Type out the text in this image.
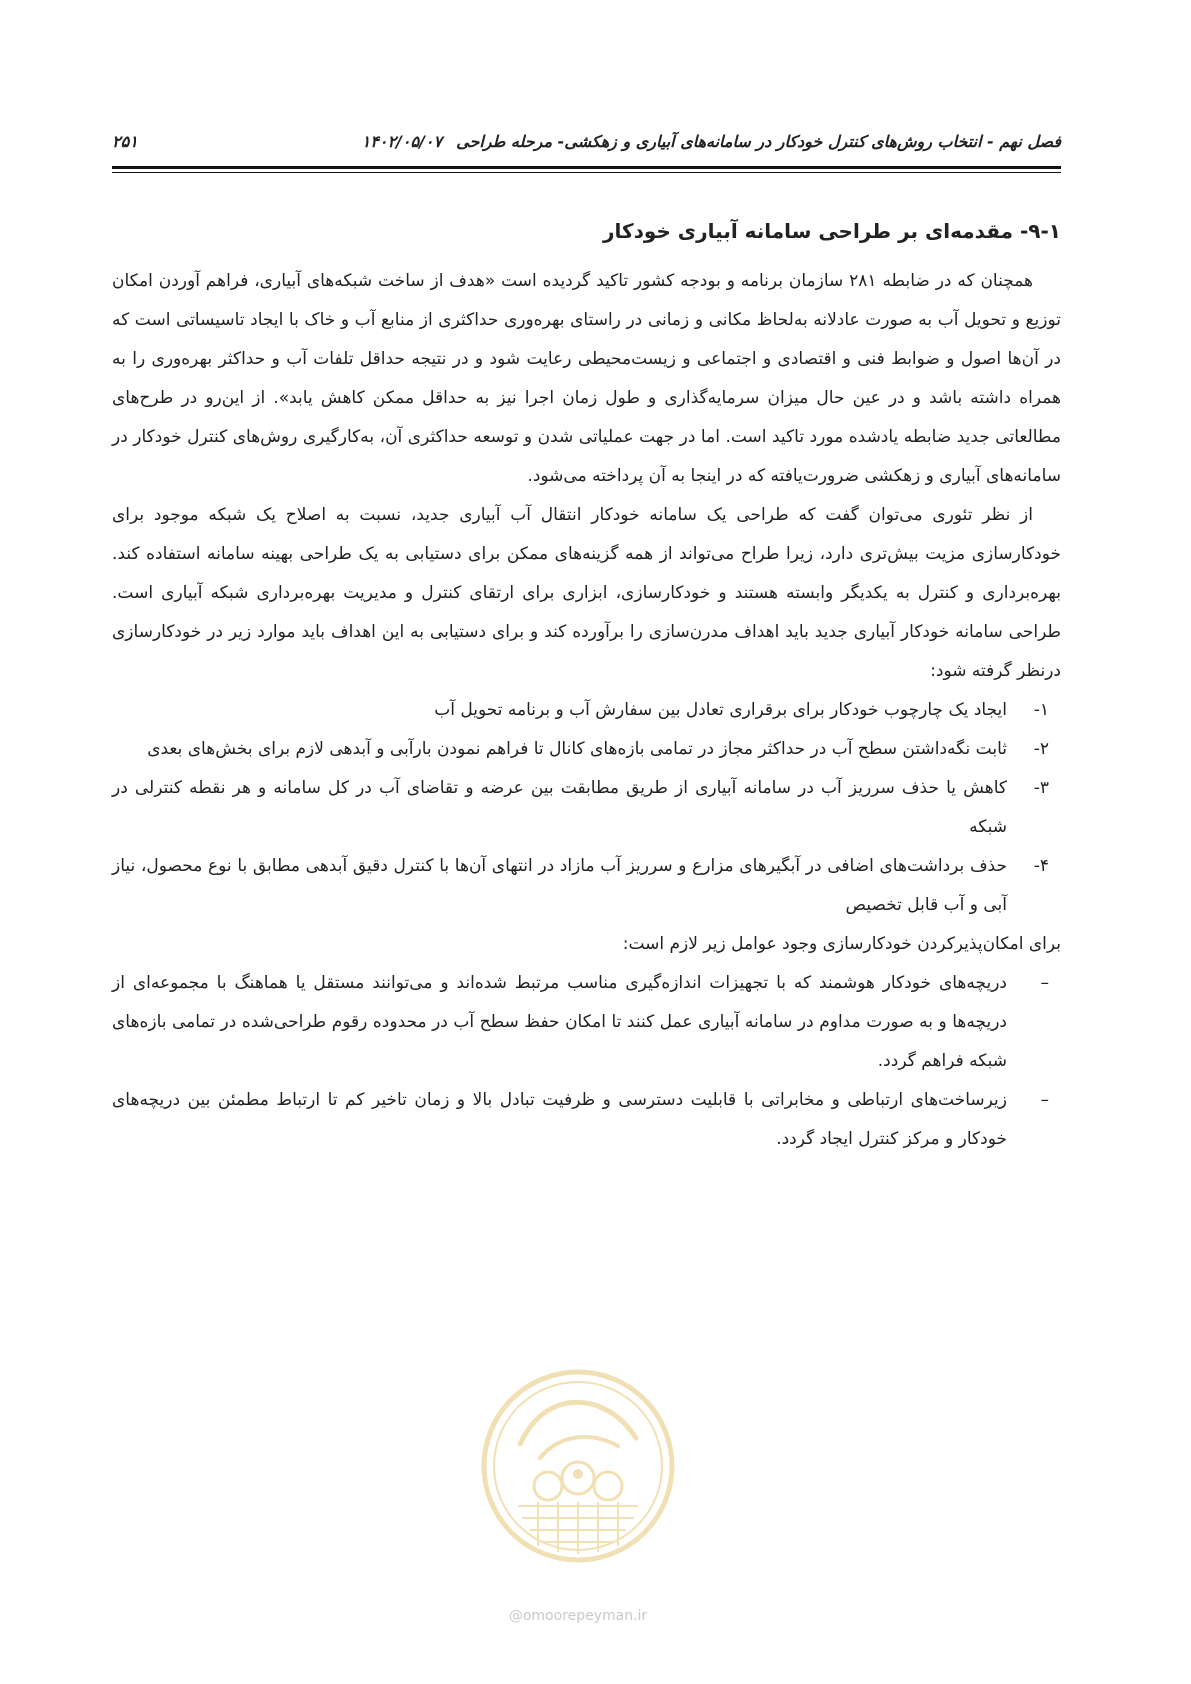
فصل نهم - انتخاب روش‌های کنترل خودکار در سامانه‌های آبیاری و زهکشی- مرحله طراحی۱۴۰۲/۰۵/۰۷
۲۵۱
۹-۱- مقدمه‌ای بر طراحی سامانه آبیاری خودکار

همچنان که در ضابطه ۲۸۱ سازمان برنامه و بودجه کشور تاکید گردیده است «هدف از ساخت شبکه‌های آبیاری، فراهم آوردن امکان توزیع و تحویل آب به صورت عادلانه به‌لحاظ مکانی و زمانی در راستای بهره‌وری حداکثری از منابع آب و خاک با ایجاد تاسیساتی است که در آن‌ها اصول و ضوابط فنی و اقتصادی و اجتماعی و زیست‌محیطی رعایت شود و در نتیجه حداقل تلفات آب و حداکثر بهره‌وری را به همراه داشته باشد و در عین حال میزان سرمایه‌گذاری و طول زمان اجرا نیز به حداقل ممکن کاهش یابد». از این‌رو در طرح‌های مطالعاتی جدید ضابطه یادشده مورد تاکید است. اما در جهت عملیاتی شدن و توسعه حداکثری آن، به‌کارگیری روش‌های کنترل خودکار در سامانه‌های آبیاری و زهکشی ضرورت‌یافته که در اینجا به آن پرداخته می‌شود.

از نظر تئوری می‌توان گفت که طراحی یک سامانه خودکار انتقال آب آبیاری جدید، نسبت به اصلاح یک شبکه موجود برای خودکارسازی مزیت بیش‌تری دارد، زیرا طراح می‌تواند از همه گزینه‌های ممکن برای دستیابی به یک طراحی بهینه سامانه استفاده کند. بهره‌برداری و کنترل به یکدیگر وابسته هستند و خودکارسازی، ابزاری برای ارتقای کنترل و مدیریت بهره‌برداری شبکه آبیاری است. طراحی سامانه خودکار آبیاری جدید باید اهداف مدرن‌سازی را برآورده کند و برای دستیابی به این اهداف باید موارد زیر در خودکارسازی درنظر گرفته شود:

۱-
ایجاد یک چارچوب خودکار برای برقراری تعادل بین سفارش آب و برنامه تحویل آب
۲-
ثابت نگه‌داشتن سطح آب در حداکثر مجاز در تمامی بازه‌های کانال تا فراهم نمودن بارآبی و آبدهی لازم برای بخش‌های بعدی
۳-
کاهش یا حذف سرریز آب در سامانه آبیاری از طریق مطابقت بین عرضه و تقاضای آب در کل سامانه و هر نقطه کنترلی در شبکه
۴-
حذف برداشت‌های اضافی در آبگیرهای مزارع و سرریز آب مازاد در انتهای آن‌ها با کنترل دقیق آبدهی مطابق با نوع محصول، نیاز آبی و آب قابل تخصیص

برای امکان‌پذیرکردن خودکارسازی وجود عوامل زیر لازم است:

–
دریچه‌های خودکار هوشمند که با تجهیزات اندازه‌گیری مناسب مرتبط شده‌اند و می‌توانند مستقل یا هماهنگ با مجموعه‌ای از دریچه‌ها و به صورت مداوم در سامانه آبیاری عمل کنند تا امکان حفظ سطح آب در محدوده رقوم طراحی‌شده در تمامی بازه‌های شبکه فراهم گردد.
–
زیرساخت‌های ارتباطی و مخابراتی با قابلیت دسترسی و ظرفیت تبادل بالا و زمان تاخیر کم تا ارتباط مطمئن بین دریچه‌های خودکار و مرکز کنترل ایجاد گردد.
@omoorepeyman.ir
